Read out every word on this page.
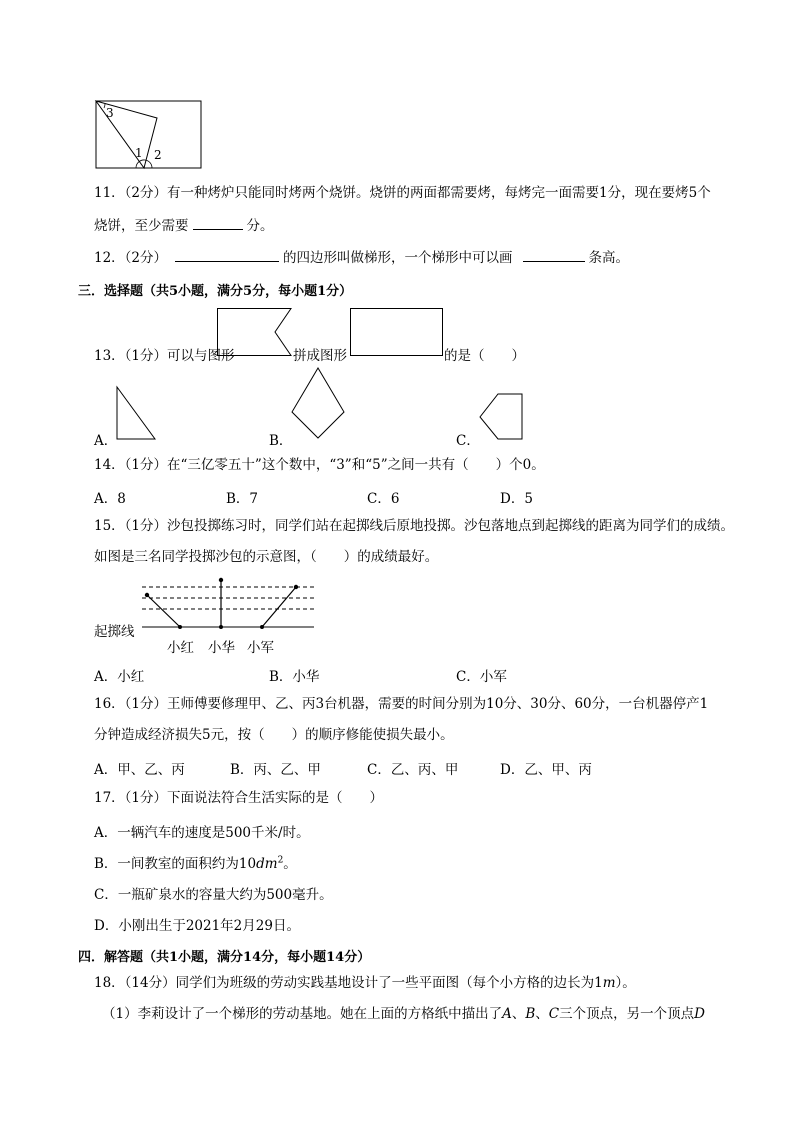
3
1 2
11．（2分）有一种烤炉只能同时烤两个烧饼。烧饼的两面都需要烤，每烤完一面需要1分，现在要烤5个
烧饼，至少需要	分。
12．（2分）	的四边形叫做梯形，一个梯形中可以画	条高。
三．选择题（共5小题，满分5分，每小题1分）
13．（1分）可以与图形	拼成图形	的是（　　）
A．	B．	C．
14．（1分）在“三亿零五十”这个数中，“3”和“5”之间一共有（　　）个0。
A．8	B．7	C．6	D．5
15．（1分）沙包投掷练习时，同学们站在起掷线后原地投掷。沙包落地点到起掷线的距离为同学们的成绩。
如图是三名同学投掷沙包的示意图，（　　）的成绩最好。
起掷线
小红 小华 小军
A．小红	B．小华	C．小军
16．（1分）王师傅要修理甲、乙、丙3台机器，需要的时间分别为10分、30分、60分，一台机器停产1
分钟造成经济损失5元，按（　　）的顺序修能使损失最小。
A．甲、乙、丙	B．丙、乙、甲	C．乙、丙、甲	D．乙、甲、丙
17．（1分）下面说法符合生活实际的是（　　）
A．一辆汽车的速度是500千米/时。
B．一间教室的面积约为$10dm^2$。
C．一瓶矿泉水的容量大约为500毫升。
D．小刚出生于2021年2月29日。
四．解答题（共1小题，满分14分，每小题14分）
18．（14分）同学们为班级的劳动实践基地设计了一些平面图（每个小方格的边长为1m）。
（1）李莉设计了一个梯形的劳动基地。她在上面的方格纸中描出了A、B、C三个顶点，另一个顶点D
